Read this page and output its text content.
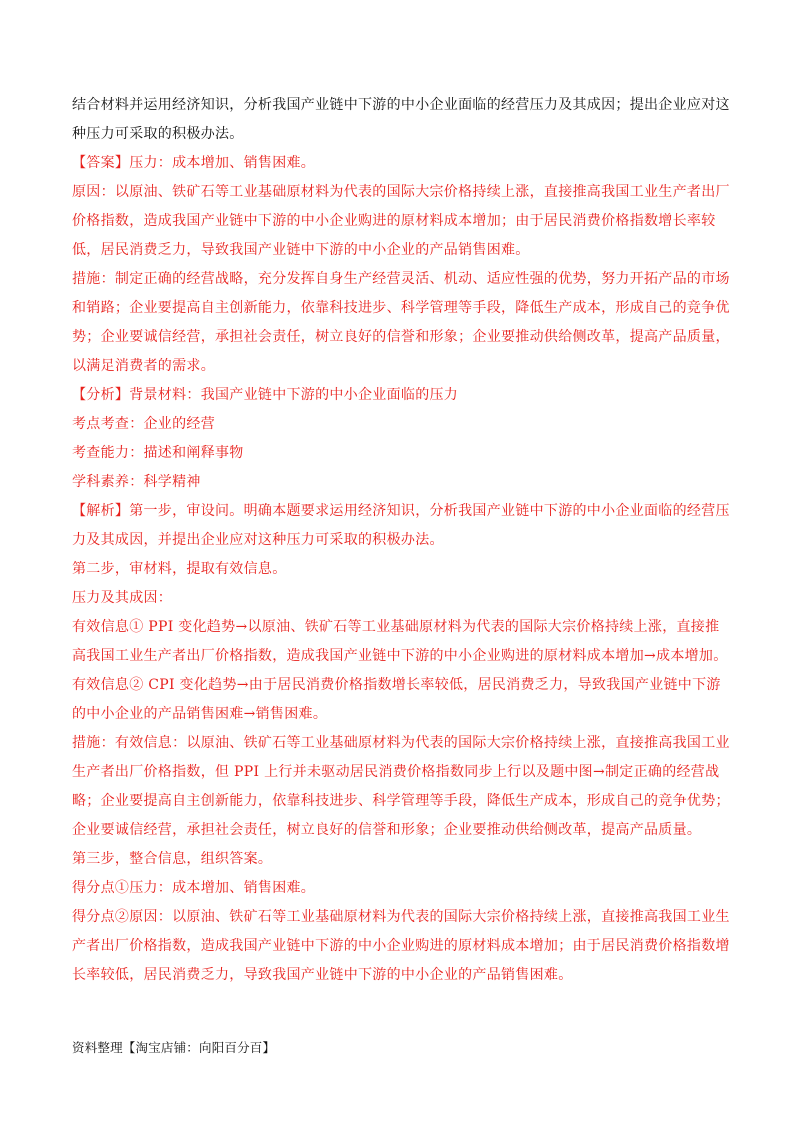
结合材料并运用经济知识，分析我国产业链中下游的中小企业面临的经营压力及其成因；提出企业应对这种压力可采取的积极办法。

【答案】压力：成本增加、销售困难。

原因：以原油、铁矿石等工业基础原材料为代表的国际大宗价格持续上涨，直接推高我国工业生产者出厂价格指数，造成我国产业链中下游的中小企业购进的原材料成本增加；由于居民消费价格指数增长率较低，居民消费乏力，导致我国产业链中下游的中小企业的产品销售困难。

措施：制定正确的经营战略，充分发挥自身生产经营灵活、机动、适应性强的优势，努力开拓产品的市场和销路；企业要提高自主创新能力，依靠科技进步、科学管理等手段，降低生产成本，形成自己的竞争优势；企业要诚信经营，承担社会责任，树立良好的信誉和形象；企业要推动供给侧改革，提高产品质量，以满足消费者的需求。

【分析】背景材料：我国产业链中下游的中小企业面临的压力

考点考查：企业的经营

考查能力：描述和阐释事物

学科素养：科学精神

【解析】第一步，审设问。明确本题要求运用经济知识，分析我国产业链中下游的中小企业面临的经营压力及其成因，并提出企业应对这种压力可采取的积极办法。

第二步，审材料，提取有效信息。

压力及其成因：

有效信息① PPI 变化趋势→以原油、铁矿石等工业基础原材料为代表的国际大宗价格持续上涨，直接推高我国工业生产者出厂价格指数，造成我国产业链中下游的中小企业购进的原材料成本增加→成本增加。

有效信息② CPI 变化趋势→由于居民消费价格指数增长率较低，居民消费乏力，导致我国产业链中下游的中小企业的产品销售困难→销售困难。

措施：有效信息：以原油、铁矿石等工业基础原材料为代表的国际大宗价格持续上涨，直接推高我国工业生产者出厂价格指数，但 PPI 上行并未驱动居民消费价格指数同步上行以及题中图→制定正确的经营战略；企业要提高自主创新能力，依靠科技进步、科学管理等手段，降低生产成本，形成自己的竞争优势；企业要诚信经营，承担社会责任，树立良好的信誉和形象；企业要推动供给侧改革，提高产品质量。

第三步，整合信息，组织答案。

得分点①压力：成本增加、销售困难。

得分点②原因：以原油、铁矿石等工业基础原材料为代表的国际大宗价格持续上涨，直接推高我国工业生产者出厂价格指数，造成我国产业链中下游的中小企业购进的原材料成本增加；由于居民消费价格指数增长率较低，居民消费乏力，导致我国产业链中下游的中小企业的产品销售困难。

资料整理【淘宝店铺：向阳百分百】
